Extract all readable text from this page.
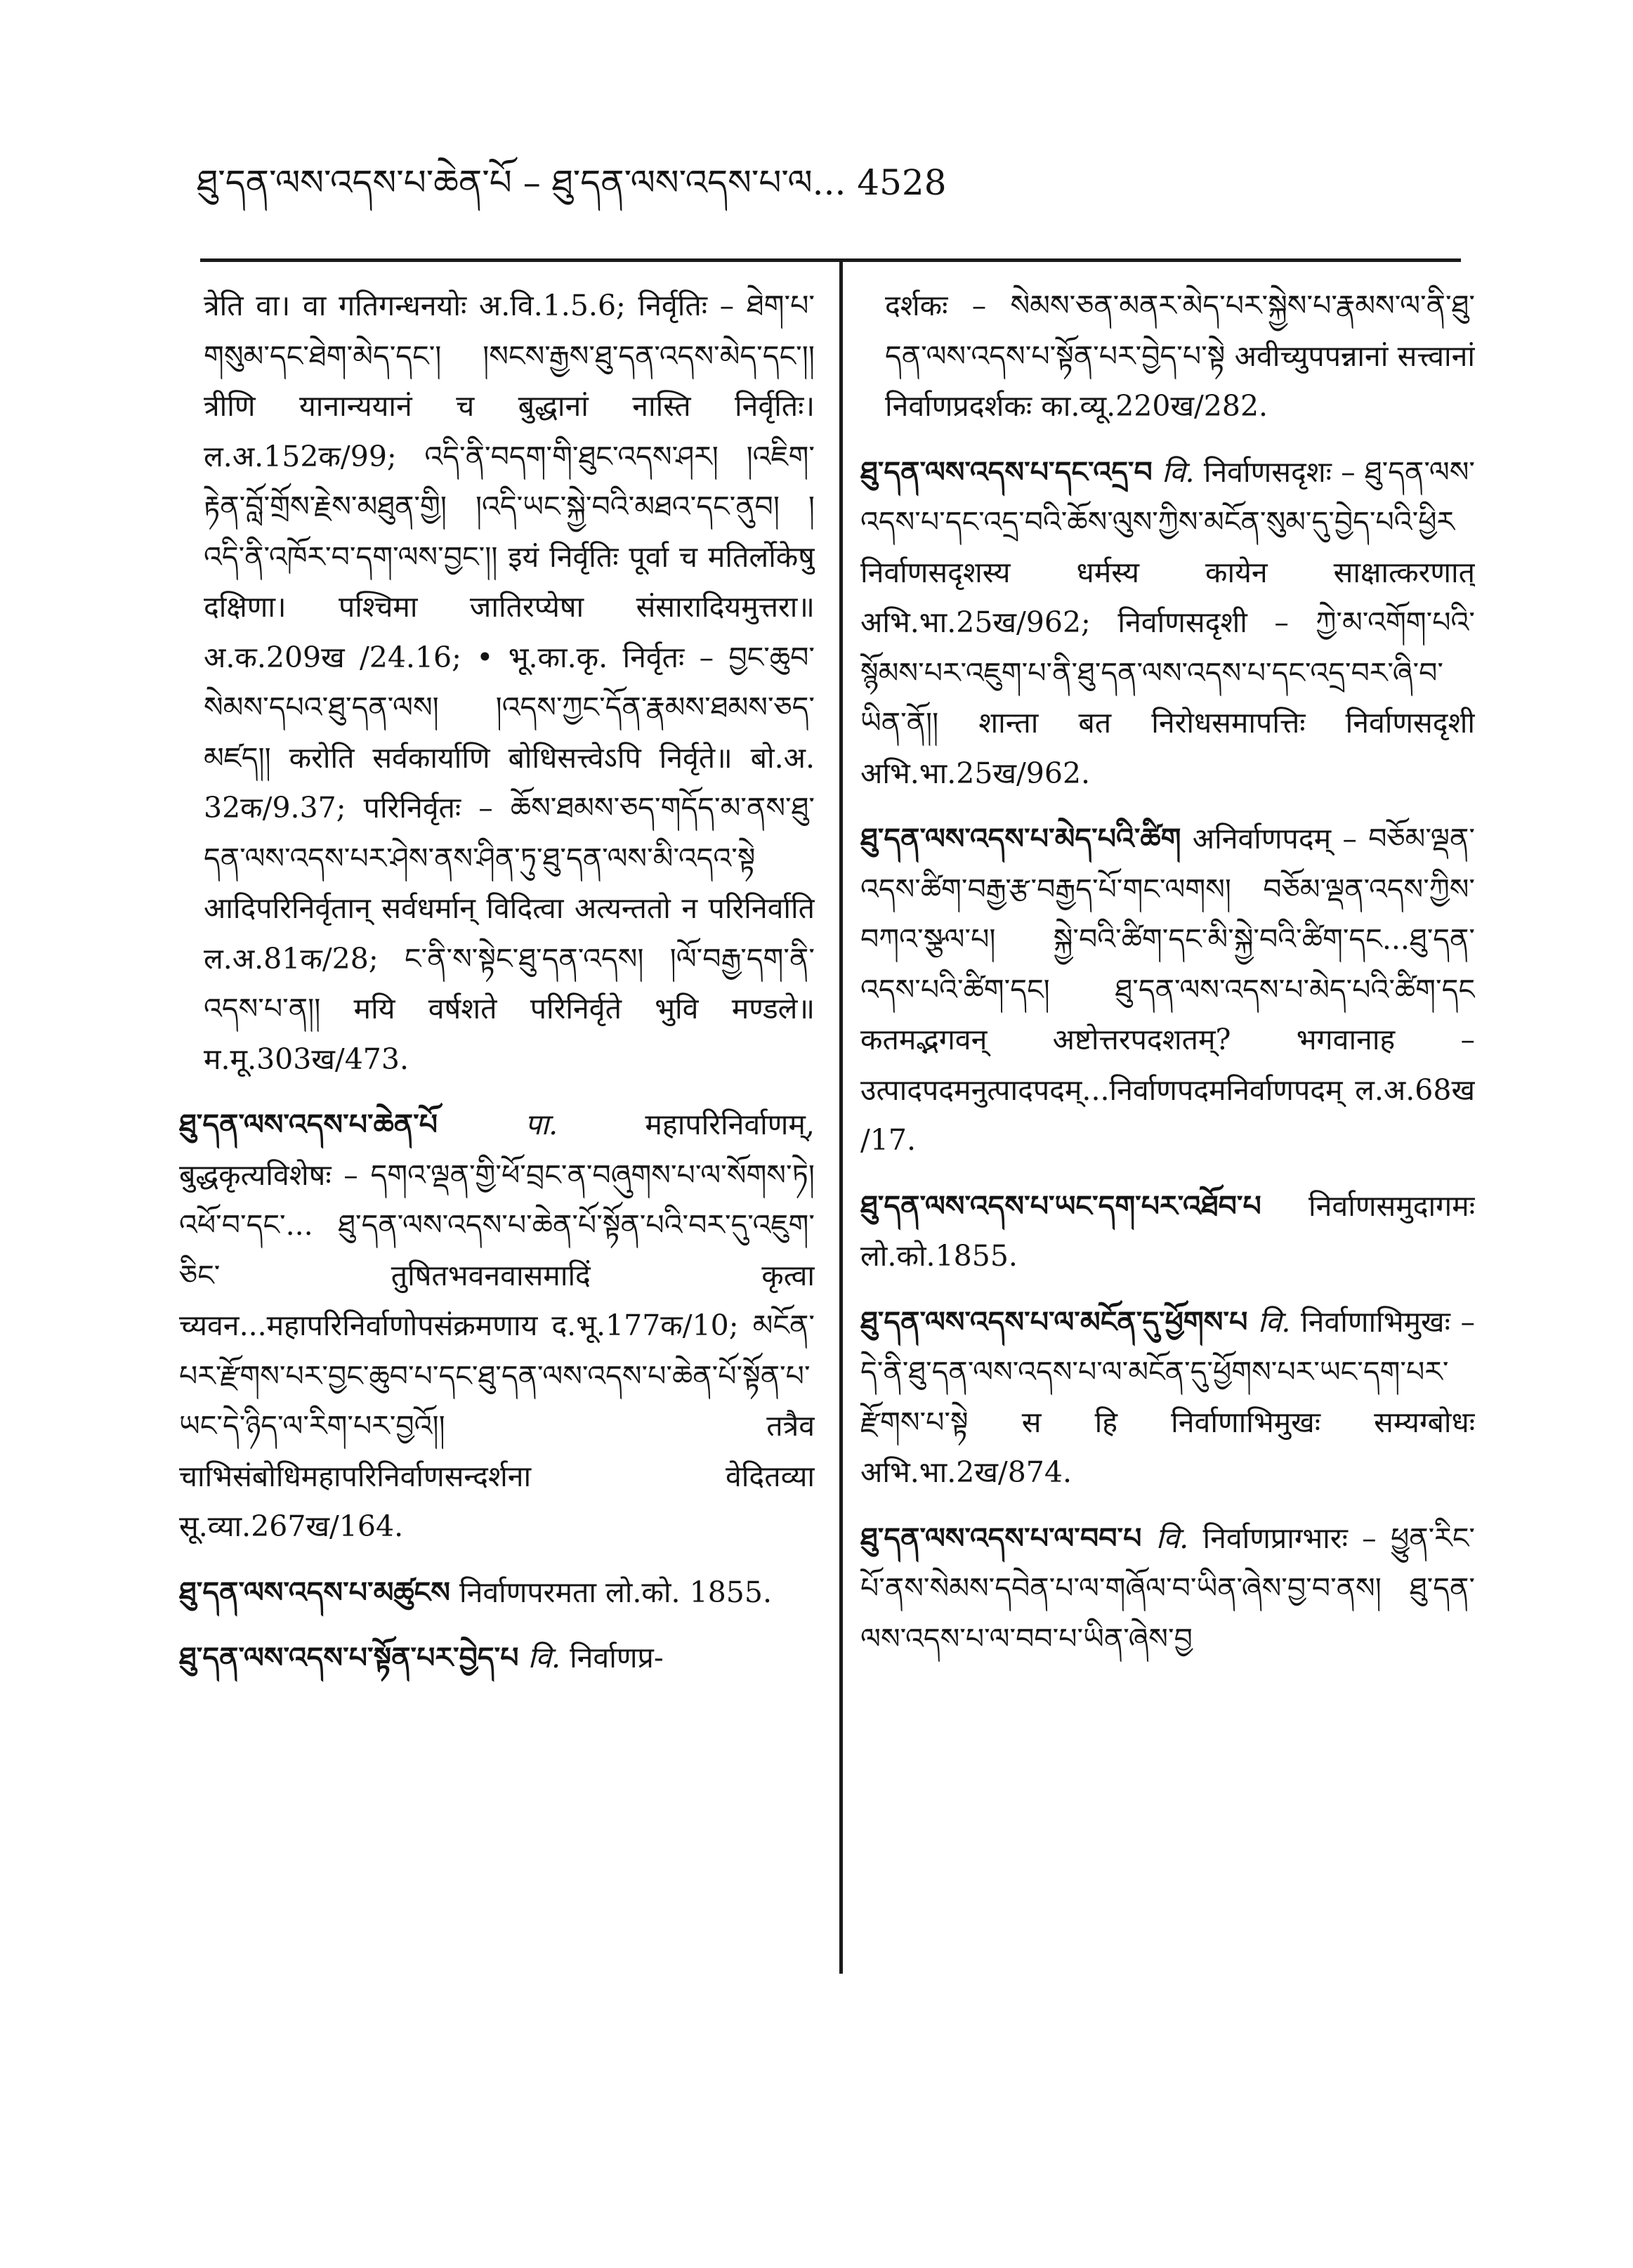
ཐུ་དན་ལས་འདས་པ་ཆེན་པོ – ཐུ་དན་ལས་འདས་པ་ལ... 4528

त्रेति वा। वा गतिगन्धनयोः अ.वि.1.5.6; निर्वृतिः – ཐེག་པ་གསུམ་དང་ཐེག་མེད་དང་། །སངས་རྒྱས་ཐུ་དན་འདས་མེད་དང་།། त्रीणि यानान्ययानं च बुद्धानां नास्ति निर्वृतिः। ल.अ.152क/99; འདི་ནི་བདག་གི་ཐུང་འདས་ཤར། །འཇིག་རྟེན་བློ་གྲོས་རྗེས་མཐུན་གྱི། །འདི་ཡང་སྐྱེ་བའི་མཐའ་དང་ནུབ། །འདི་ནི་འཁོར་བ་དག་ལས་བྱང་།། इयं निर्वृतिः पूर्वा च मतिर्लोकेषु दक्षिणा। पश्चिमा जातिरप्येषा संसारादियमुत्तरा॥ अ.क.209ख /24.16; • भू.का.कृ. निर्वृतः – བྱང་ཆུབ་སེམས་དཔའ་ཐུ་དན་ལས། །འདས་ཀྱང་དོན་རྣམས་ཐམས་ཅད་མཛད།། करोति सर्वकार्याणि बोधिसत्त्वेऽपि निर्वृते॥ बो.अ. 32क/9.37; परिनिर्वृतः – ཆོས་ཐམས་ཅད་གདོད་མ་ནས་ཐུ་དན་ལས་འདས་པར་ཤེས་ནས་ཤིན་ཏུ་ཐུ་དན་ལས་མི་འདའ་སྟེ आदिपरिनिर्वृतान् सर्वधर्मान् विदित्वा अत्यन्ततो न परिनिर्वाति ल.अ.81क/28; ང་ནི་ས་སྟེང་ཐུ་དན་འདས། །ལོ་བརྒྱ་དག་ནི་འདས་པ་ན།། मयि वर्षशते परिनिर्वृते भुवि मण्डले॥ म.मू.303ख/473.

ཐུ་དན་ལས་འདས་པ་ཆེན་པོ	पा.	महापरिनिर्वाणम्, बुद्धकृत्यविशेषः – དགའ་ལྡན་གྱི་ཕོ་བྲང་ན་བཞུགས་པ་ལ་སོགས་ཏེ། འཕོ་བ་དང་... ཐུ་དན་ལས་འདས་པ་ཆེན་པོ་སྟོན་པའི་བར་དུ་འཇུག་ཅིང་ तुषितभवनवासमादिं कृत्वा च्यवन...महापरिनिर्वाणोपसंक्रमणाय द.भू.177क/10; མངོན་པར་རྫོགས་པར་བྱང་ཆུབ་པ་དང་ཐུ་དན་ལས་འདས་པ་ཆེན་པོ་སྟོན་པ་ཡང་དེ་ཉིད་ལ་རིག་པར་བྱའོ།། तत्रैव चाभिसंबोधिमहापरिनिर्वाणसन्दर्शना वेदितव्या सू.व्या.267ख/164.

ཐུ་དན་ལས་འདས་པ་མཚུངས निर्वाणपरमता लो.को. 1855.

ཐུ་དན་ལས་འདས་པ་སྟོན་པར་བྱེད་པ वि. निर्वाणप्र-

दर्शकः – སེམས་ཅན་མནར་མེད་པར་སྐྱེས་པ་རྣམས་ལ་ནི་ཐུ་དན་ལས་འདས་པ་སྟོན་པར་བྱེད་པ་སྟེ अवीच्युपपन्नानां सत्त्वानां निर्वाणप्रदर्शकः का.व्यू.220ख/282.

ཐུ་དན་ལས་འདས་པ་དང་འདྲ་བ वि. निर्वाणसदृशः – ཐུ་དན་ལས་འདས་པ་དང་འདྲ་བའི་ཆོས་ལུས་ཀྱིས་མངོན་སུམ་དུ་བྱེད་པའི་ཕྱིར निर्वाणसदृशस्य धर्मस्य कायेन साक्षात्करणात् अभि.भा.25ख/962; निर्वाणसदृशी – ཀྱེ་མ་འགོག་པའི་སྙོམས་པར་འཇུག་པ་ནི་ཐུ་དན་ལས་འདས་པ་དང་འདྲ་བར་ཞི་བ་ཡིན་ནོ།། शान्ता बत निरोधसमापत्तिः निर्वाणसदृशी अभि.भा.25ख/962.

ཐུ་དན་ལས་འདས་པ་མེད་པའི་ཚིག अनिर्वाणपदम् – བཅོམ་ལྡན་འདས་ཚིག་བརྒྱ་རྩ་བརྒྱད་པོ་གང་ལགས། བཅོམ་ལྡན་འདས་ཀྱིས་བཀའ་སྩལ་པ། སྐྱེ་བའི་ཚིག་དང་མི་སྐྱེ་བའི་ཚིག་དང...ཐུ་དན་འདས་པའི་ཚིག་དང། ཐུ་དན་ལས་འདས་པ་མེད་པའི་ཚིག་དང कतमद्भगवन् अष्टोत्तरपदशतम्? भगवानाह – उत्पादपदमनुत्पादपदम्...निर्वाणपदमनिर्वाणपदम् ल.अ.68ख /17.

ཐུ་དན་ལས་འདས་པ་ཡང་དག་པར་འཐོབ་པ निर्वाणसमुदागमः लो.को.1855.

ཐུ་དན་ལས་འདས་པ་ལ་མངོན་དུ་ཕྱོགས་པ वि. निर्वाणाभिमुखः – དེ་ནི་ཐུ་དན་ལས་འདས་པ་ལ་མངོན་དུ་ཕྱོགས་པར་ཡང་དག་པར་རྫོགས་པ་སྟེ स हि निर्वाणाभिमुखः सम्यग्बोधः अभि.भा.2ख/874.

ཐུ་དན་ལས་འདས་པ་ལ་བབ་པ वि. निर्वाणप्राग्भारः – ཕྱུན་རིང་པོ་ནས་སེམས་དབེན་པ་ལ་གཞོལ་བ་ཡིན་ཞེས་བྱ་བ་ནས། ཐུ་དན་ལས་འདས་པ་ལ་བབ་པ་ཡིན་ཞེས་བྱ
